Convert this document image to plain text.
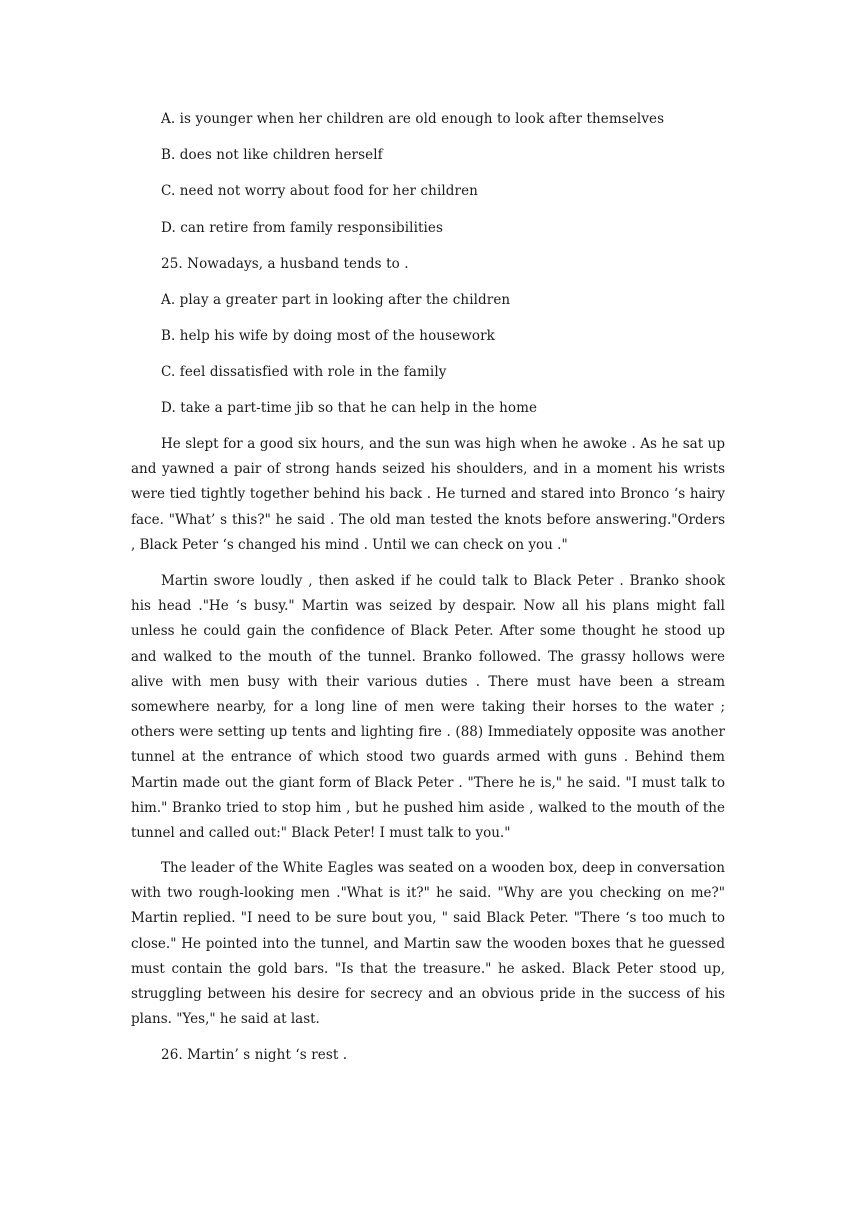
A. is younger when her children are old enough to look after themselves
B. does not like children herself
C. need not worry about food for her children
D. can retire from family responsibilities
25. Nowadays, a husband tends to .
A. play a greater part in looking after the children
B. help his wife by doing most of the housework
C. feel dissatisfied with role in the family
D. take a part-time jib so that he can help in the home

He slept for a good six hours, and the sun was high when he awoke . As he sat up and yawned a pair of strong hands seized his shoulders, and in a moment his wrists were tied tightly together behind his back . He turned and stared into Bronco ‘s hairy face. "What’ s this?" he said . The old man tested the knots before answering."Orders , Black Peter ‘s changed his mind . Until we can check on you ."

Martin swore loudly , then asked if he could talk to Black Peter . Branko shook his head ."He ‘s busy." Martin was seized by despair. Now all his plans might fall unless he could gain the confidence of Black Peter. After some thought he stood up and walked to the mouth of the tunnel. Branko followed. The grassy hollows were alive with men busy with their various duties . There must have been a stream somewhere nearby, for a long line of men were taking their horses to the water ; others were setting up tents and lighting fire . (88) Immediately opposite was another tunnel at the entrance of which stood two guards armed with guns . Behind them Martin made out the giant form of Black Peter . "There he is," he said. "I must talk to him." Branko tried to stop him , but he pushed him aside , walked to the mouth of the tunnel and called out:" Black Peter! I must talk to you."

The leader of the White Eagles was seated on a wooden box, deep in conversation with two rough-looking men ."What is it?" he said. "Why are you checking on me?" Martin replied. "I need to be sure bout you, " said Black Peter. "There ‘s too much to close." He pointed into the tunnel, and Martin saw the wooden boxes that he guessed must contain the gold bars. "Is that the treasure." he asked. Black Peter stood up, struggling between his desire for secrecy and an obvious pride in the success of his plans. "Yes," he said at last.

26. Martin’ s night ‘s rest .
